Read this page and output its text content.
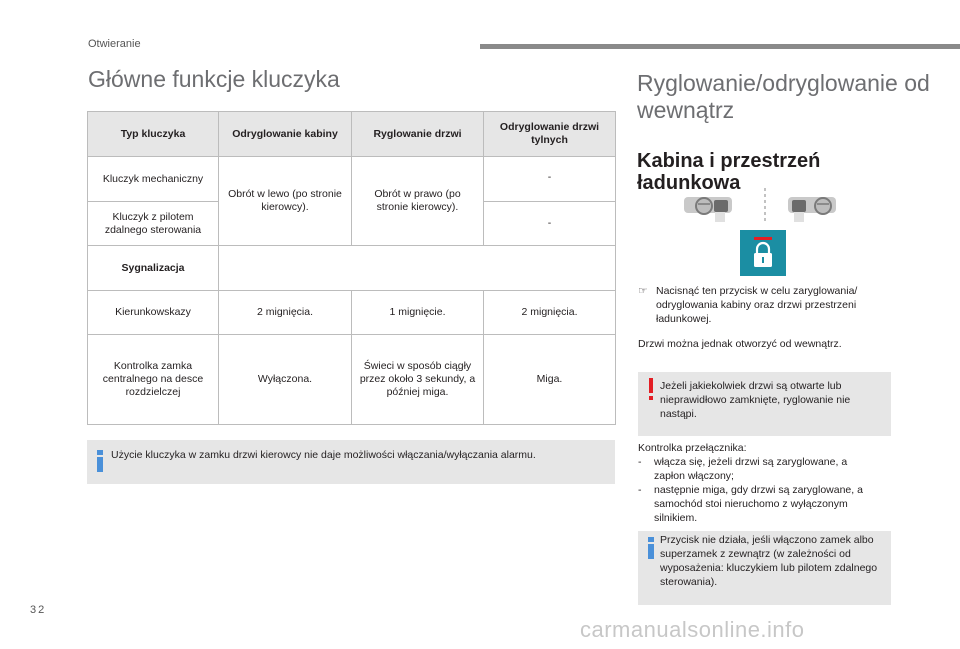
Otwieranie
Główne funkcje kluczyka
Typ kluczyka	Odryglowanie kabiny	Ryglowanie drzwi	Odryglowanie drzwi tylnych
Kluczyk mechaniczny	Obrót w lewo (po stronie kierowcy).	Obrót w prawo (po stronie kierowcy).	-
Kluczyk z pilotem zdalnego sterowania			-
Sygnalizacja			
Kierunkowskazy	2 mignięcia.	1 mignięcie.	2 mignięcia.
Kontrolka zamka centralnego na desce rozdzielczej	Wyłączona.	Świeci w sposób ciągły przez około 3 sekundy, a później miga.	Miga.
Użycie kluczyka w zamku drzwi kierowcy nie daje możliwości włączania/wyłączania alarmu.
Ryglowanie/odryglowanie od wewnątrz
Kabina i przestrzeń ładunkowa
☞ Nacisnąć ten przycisk w celu zaryglowania/ odryglowania kabiny oraz drzwi przestrzeni ładunkowej.
Drzwi można jednak otworzyć od wewnątrz.
Jeżeli jakiekolwiek drzwi są otwarte lub nieprawidłowo zamknięte, ryglowanie nie nastąpi.
Kontrolka przełącznika:
- włącza się, jeżeli drzwi są zaryglowane, a zapłon włączony;
- następnie miga, gdy drzwi są zaryglowane, a samochód stoi nieruchomo z wyłączonym silnikiem.
Przycisk nie działa, jeśli włączono zamek albo superzamek z zewnątrz (w zależności od wyposażenia: kluczykiem lub pilotem zdalnego sterowania).
32
carmanualsonline.info
